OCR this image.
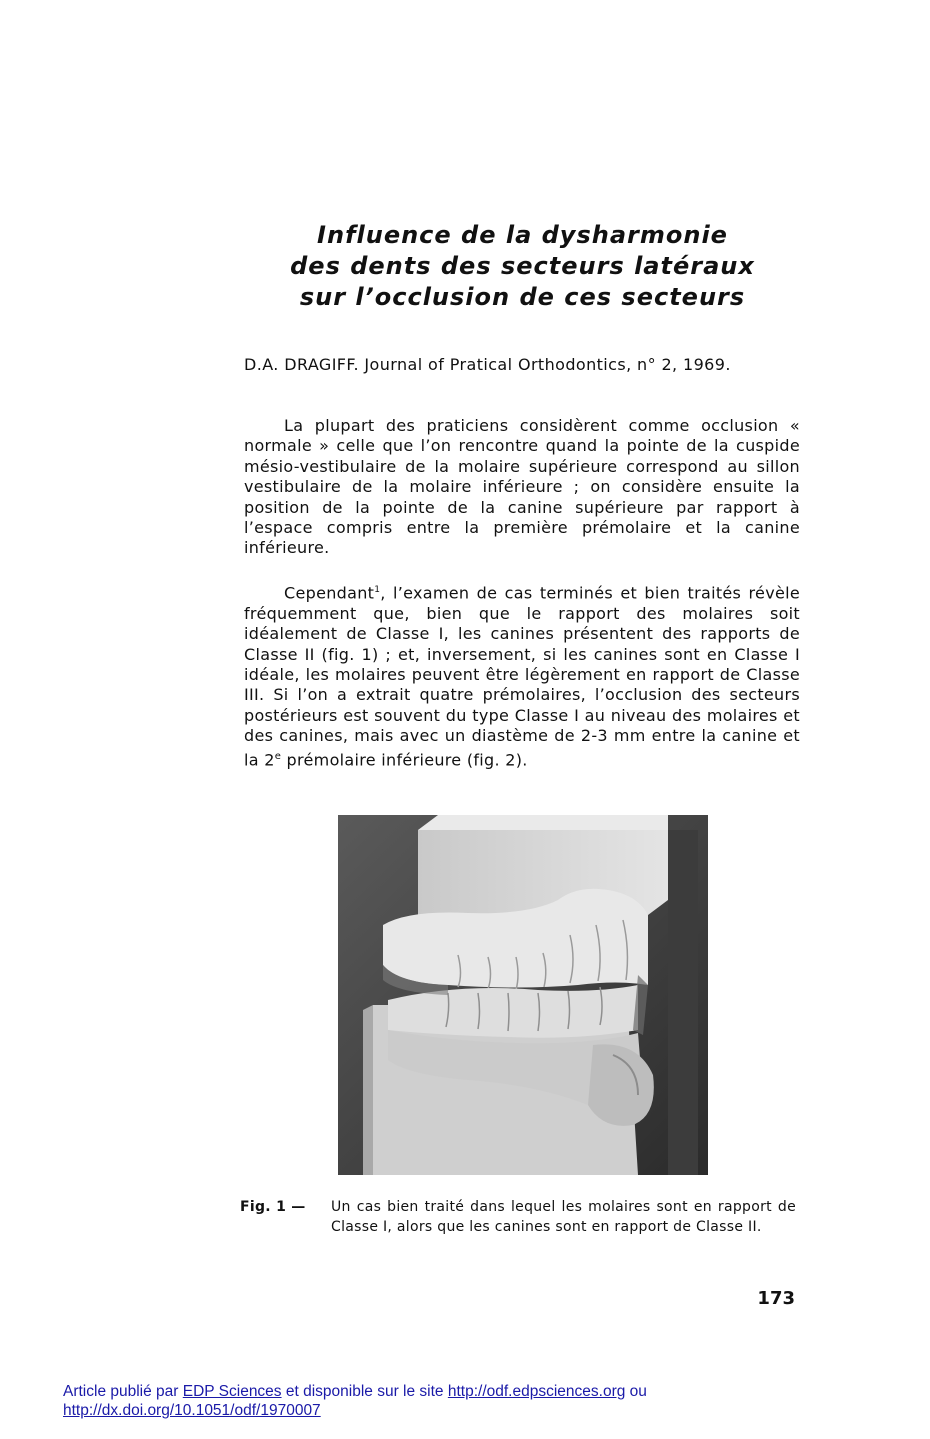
Influence de la dysharmonie
des dents des secteurs latéraux
sur l’occlusion de ces secteurs
D.A. DRAGIFF. Journal of Pratical Orthodontics, n° 2, 1969.
La plupart des praticiens considèrent comme occlusion « normale » celle que l’on rencontre quand la pointe de la cuspide mésio-vestibulaire de la molaire supérieure correspond au sillon vestibulaire de la molaire inférieure ; on considère ensuite la position de la pointe de la canine supérieure par rapport à l’espace compris entre la première prémolaire et la canine inférieure.
Cependant$^1$, l’examen de cas terminés et bien traités révèle fréquemment que, bien que le rapport des molaires soit idéalement de Classe I, les canines présentent des rapports de Classe II (fig. 1) ; et, inversement, si les canines sont en Classe I idéale, les molaires peuvent être légèrement en rapport de Classe III. Si l’on a extrait quatre prémolaires, l’occlusion des secteurs postérieurs est souvent du type Classe I au niveau des molaires et des canines, mais avec un diastème de 2-3 mm entre la canine et la 2e prémolaire inférieure (fig. 2).
Fig. 1 — Un cas bien traité dans lequel les molaires sont en rapport de Classe I, alors que les canines sont en rapport de Classe II.
173
Article publié par EDP Sciences et disponible sur le site http://odf.edpsciences.org ou
http://dx.doi.org/10.1051/odf/1970007
